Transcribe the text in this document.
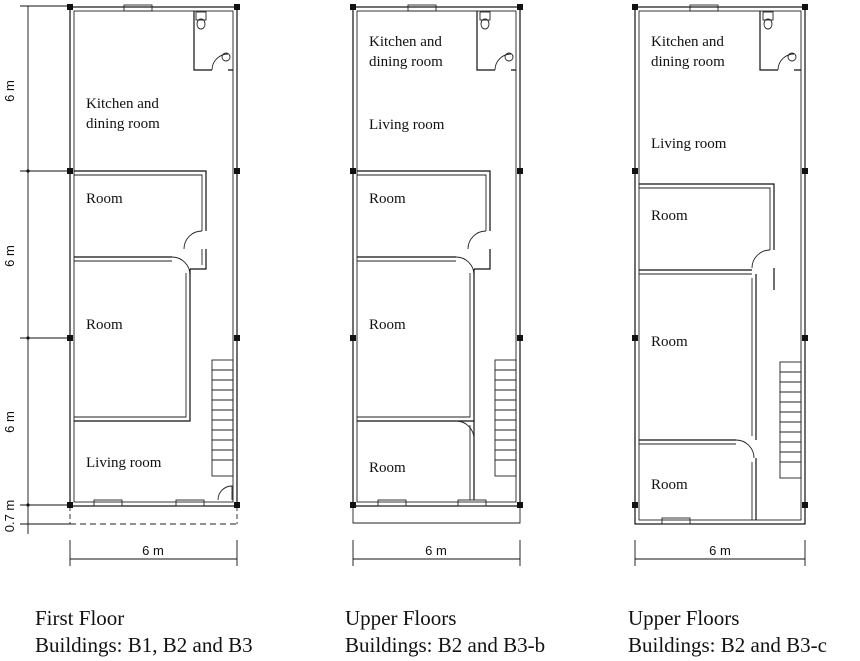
6 m
6 m
6 m
0.7 m
Kitchen and
dining room
Room
Room
Living room
6 m
Kitchen and
dining room
Living room
Room
Room
Room
6 m
Kitchen and
dining room
Living room
Room
Room
Room
6 m
First Floor
Buildings: B1, B2 and B3
Upper Floors
Buildings: B2 and B3-b
Upper Floors
Buildings: B2 and B3-c
